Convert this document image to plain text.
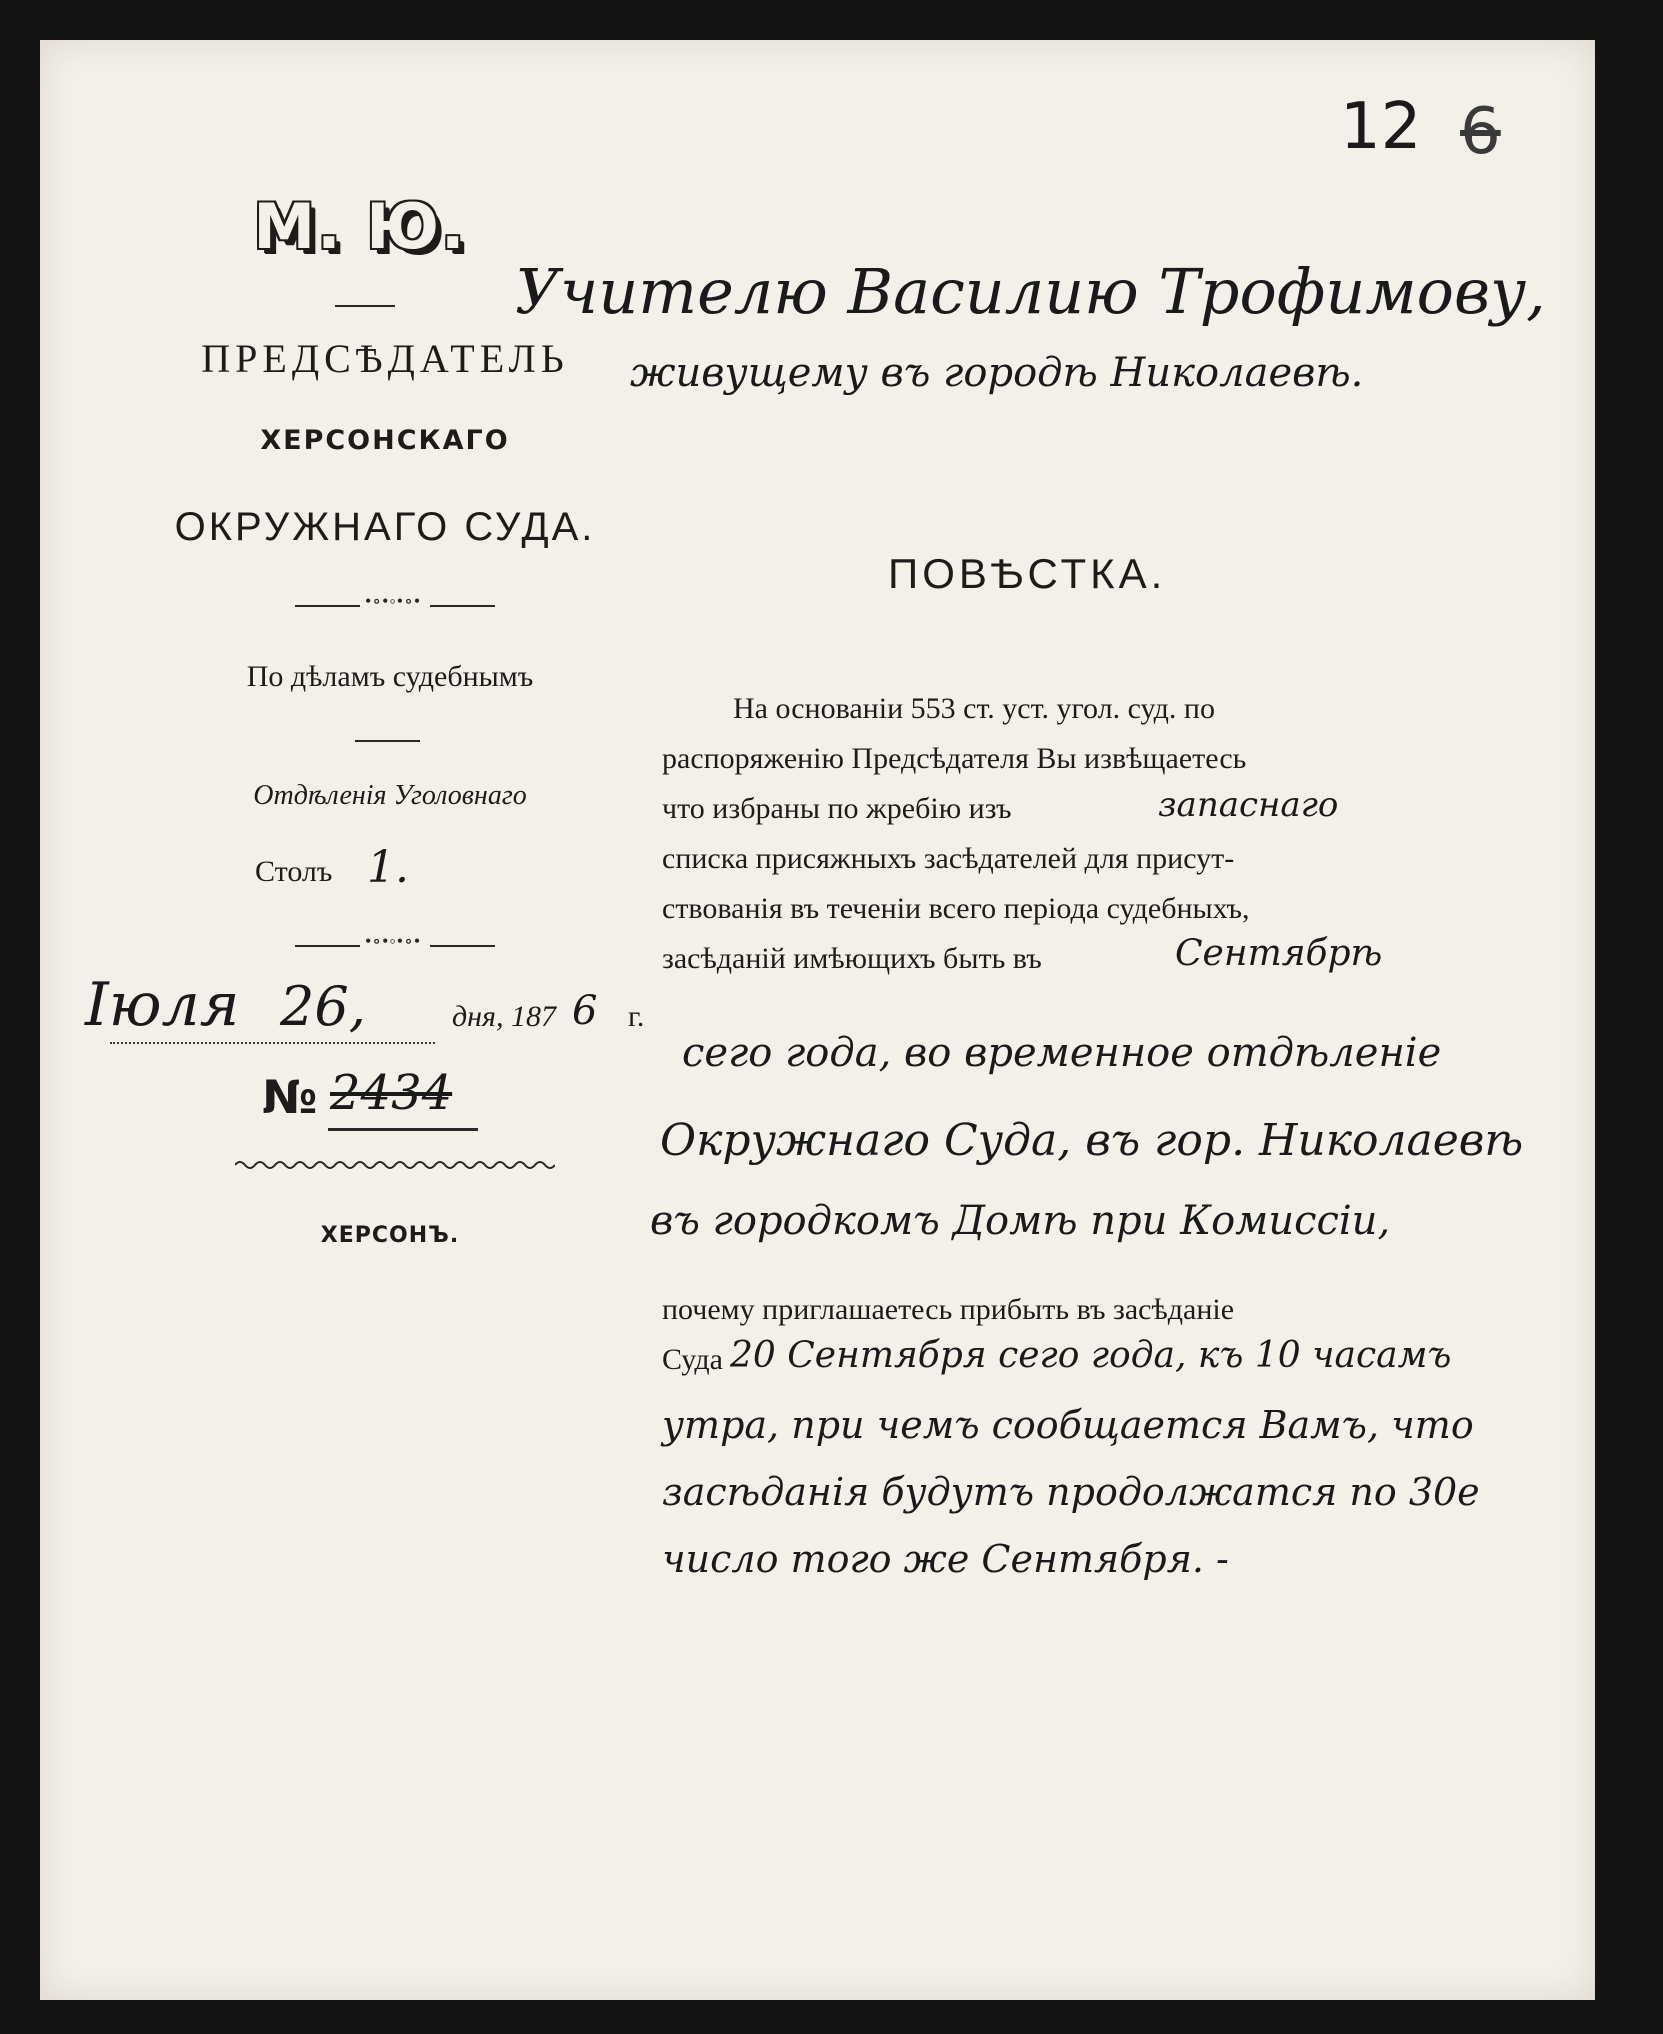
12 6
Учителю Василию Трофимову,
живущему въ городѣ Николаевѣ.
М. Ю.
ПРЕДСѢДАТЕЛЬ
ХЕРСОНСКАГО
ОКРУЖНАГО СУДА.
•∘•◦•∘•
По дѣламъ судебнымъ
Отдѣленія Уголовнаго
Столъ 1.
•∘•◦•∘•
Іюля 26,	дня, 187 6 г.
№ 2434
ХЕРСОНЪ.
ПОВѢСТКА.
На основаніи 553 ст. уст. угол. суд. по
распоряженію Предсѣдателя Вы извѣщаетесь
что избраны по жребію изъ	запаснаго
списка присяжныхъ засѣдателей для присут-
ствованія въ теченіи всего періода судебныхъ,
засѣданій имѣющихъ быть въ	Сентябрѣ
сего года, во временное отдѣленіе
Окружнаго Суда, въ гор. Николаевѣ
въ городкомъ Домѣ при Комиссіи,
почему приглашаетесь прибыть въ засѣданіе
Суда 20 Сентября сего года, къ 10 часамъ
утра, при чемъ сообщается Вамъ, что
засѣданія будутъ продолжатся по 30е
число того же Сентября. -
